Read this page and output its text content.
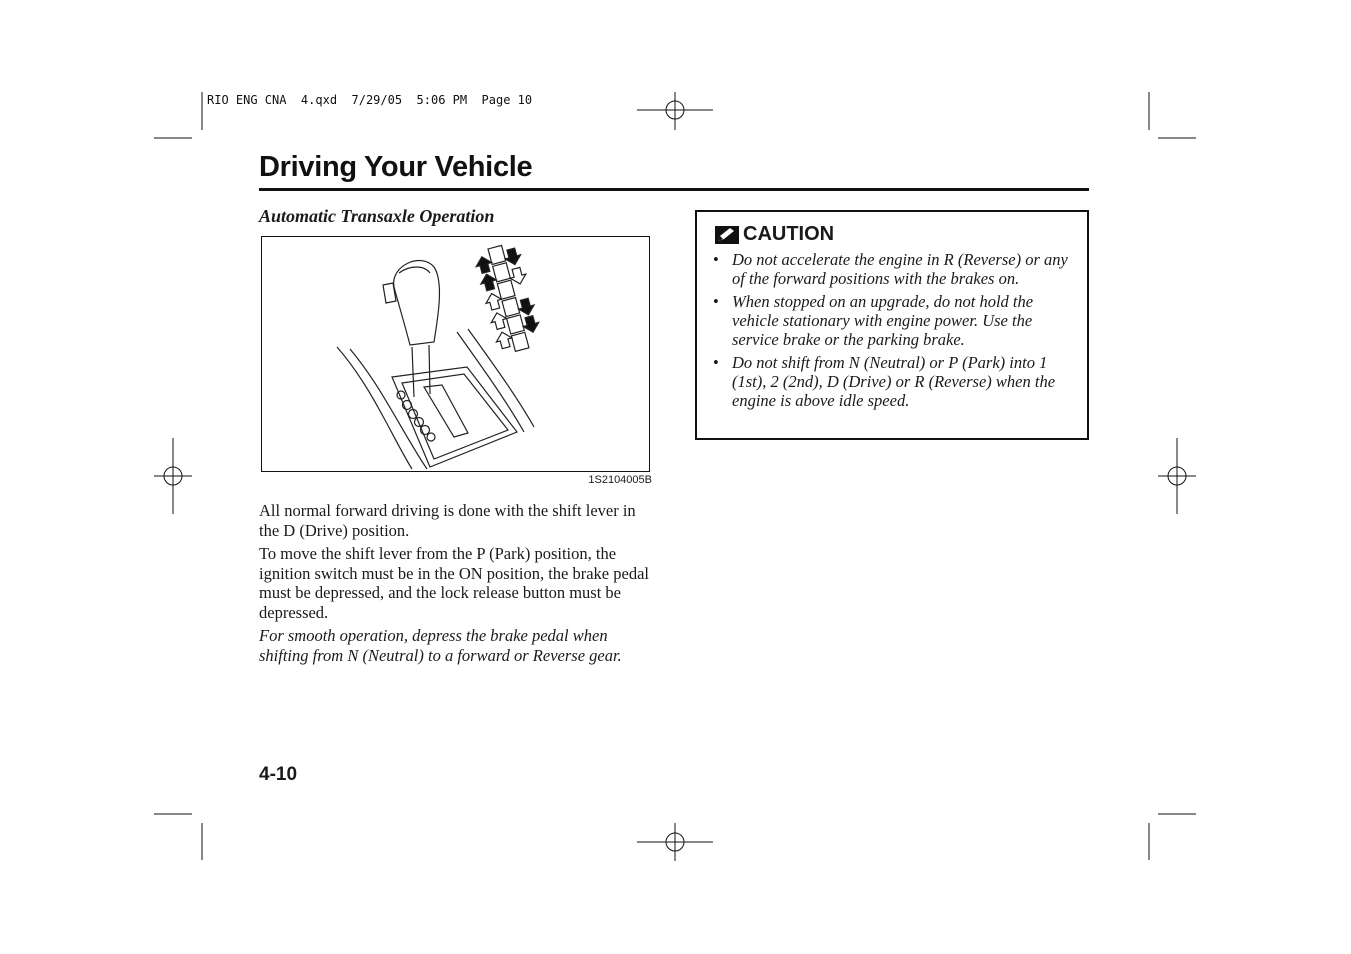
RIO ENG CNA  4.qxd  7/29/05  5:06 PM  Page 10
Driving Your Vehicle
Automatic Transaxle Operation
1S2104005B
All normal forward driving is done with the shift lever in the D (Drive) position.
To move the shift lever from the P (Park) position, the ignition switch must be in the ON position, the brake pedal must be depressed, and the lock release button must be depressed.
For smooth operation, depress the brake pedal when shifting from N (Neutral) to a forward or Reverse gear.
4-10
CAUTION
• Do not accelerate the engine in R (Reverse) or any of the forward positions with the brakes on.
• When stopped on an upgrade, do not hold the vehicle stationary with engine power. Use the service brake or the parking brake.
• Do not shift from N (Neutral) or P (Park) into 1 (1st), 2 (2nd), D (Drive) or R (Reverse) when the engine is above idle speed.
